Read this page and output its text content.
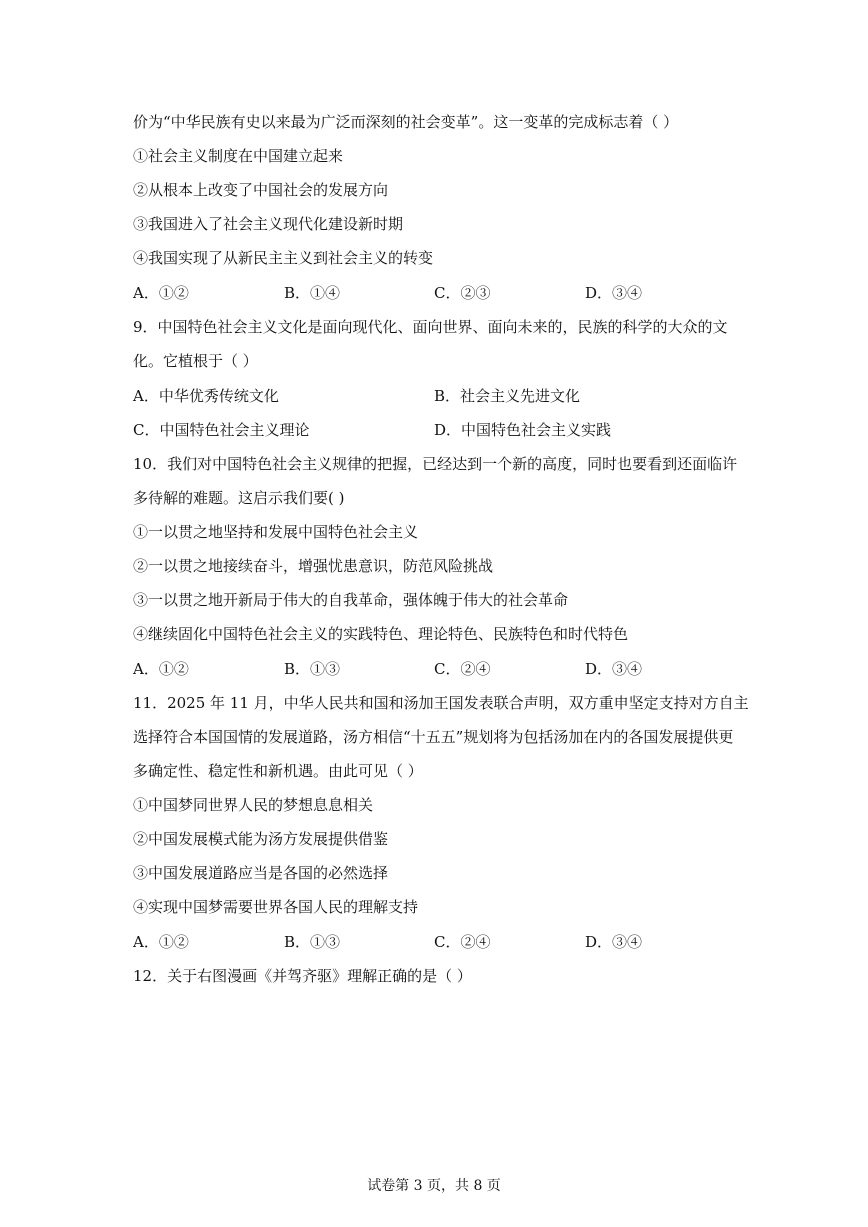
价为“中华民族有史以来最为广泛而深刻的社会变革”。这一变革的完成标志着（ ）
①社会主义制度在中国建立起来
②从根本上改变了中国社会的发展方向
③我国进入了社会主义现代化建设新时期
④我国实现了从新民主主义到社会主义的转变
A．①②	B．①④	C．②③	D．③④
9．中国特色社会主义文化是面向现代化、面向世界、面向未来的，民族的科学的大众的文
化。它植根于（ ）
A．中华优秀传统文化	B．社会主义先进文化
C．中国特色社会主义理论	D．中国特色社会主义实践
10．我们对中国特色社会主义规律的把握，已经达到一个新的高度，同时也要看到还面临许
多待解的难题。这启示我们要( )
①一以贯之地坚持和发展中国特色社会主义
②一以贯之地接续奋斗，增强忧患意识，防范风险挑战
③一以贯之地开新局于伟大的自我革命，强体魄于伟大的社会革命
④继续固化中国特色社会主义的实践特色、理论特色、民族特色和时代特色
A．①②	B．①③	C．②④	D．③④
11．2025 年 11 月，中华人民共和国和汤加王国发表联合声明，双方重申坚定支持对方自主
选择符合本国国情的发展道路，汤方相信“十五五”规划将为包括汤加在内的各国发展提供更
多确定性、稳定性和新机遇。由此可见（ ）
①中国梦同世界人民的梦想息息相关
②中国发展模式能为汤方发展提供借鉴
③中国发展道路应当是各国的必然选择
④实现中国梦需要世界各国人民的理解支持
A．①②	B．①③	C．②④	D．③④
12．关于右图漫画《并驾齐驱》理解正确的是（ ）
试卷第 3 页，共 8 页
